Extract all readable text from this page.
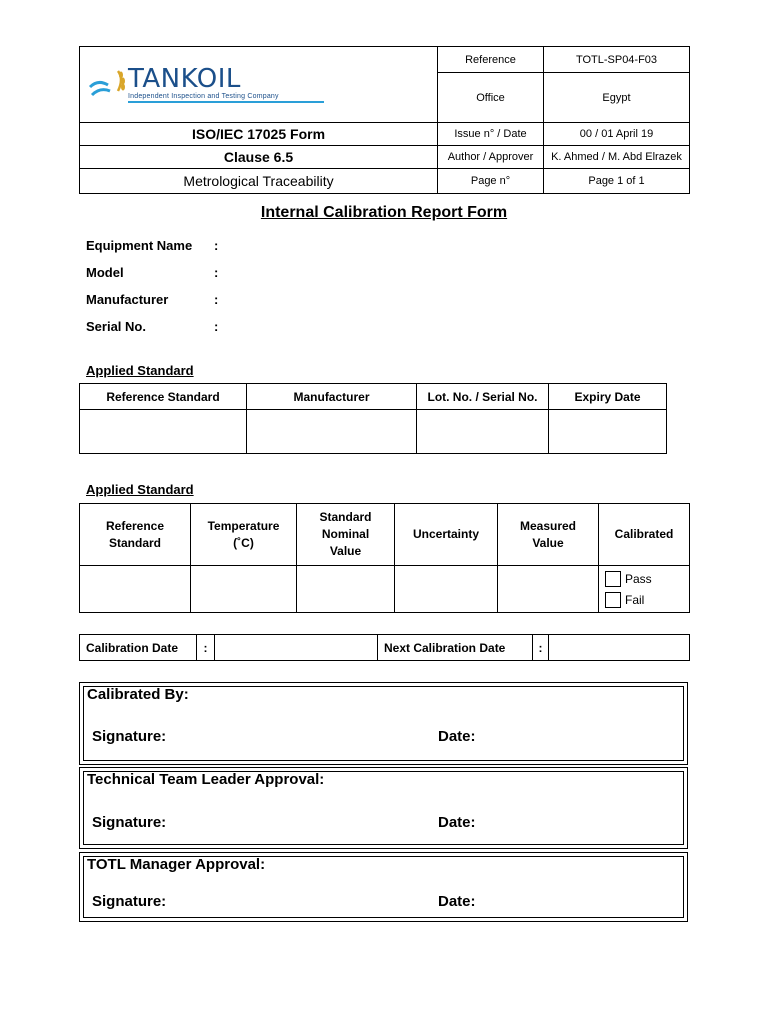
TANKOIL
Independent Inspection and Testing Company	Reference	TOTL-SP04-F03
	Office	Egypt
ISO/IEC 17025 Form	Issue n° / Date	00 / 01 April 19
Clause 6.5	Author / Approver	K. Ahmed / M. Abd Elrazek
Metrological Traceability	Page n°	Page 1 of 1
Internal Calibration Report Form
Equipment Name	:
Model	:
Manufacturer	:
Serial No.	:
Applied Standard
Reference Standard	Manufacturer	Lot. No. / Serial No.	Expiry Date

Applied Standard
Reference Standard	Temperature (˚C)	Standard Nominal Value	Uncertainty	Measured Value	Calibrated

					Pass
Fail
Calibration Date	:		Next Calibration Date	:	
Calibrated By:
Signature:	Date:
Technical Team Leader Approval:
Signature:	Date:
TOTL Manager Approval:
Signature:	Date:
